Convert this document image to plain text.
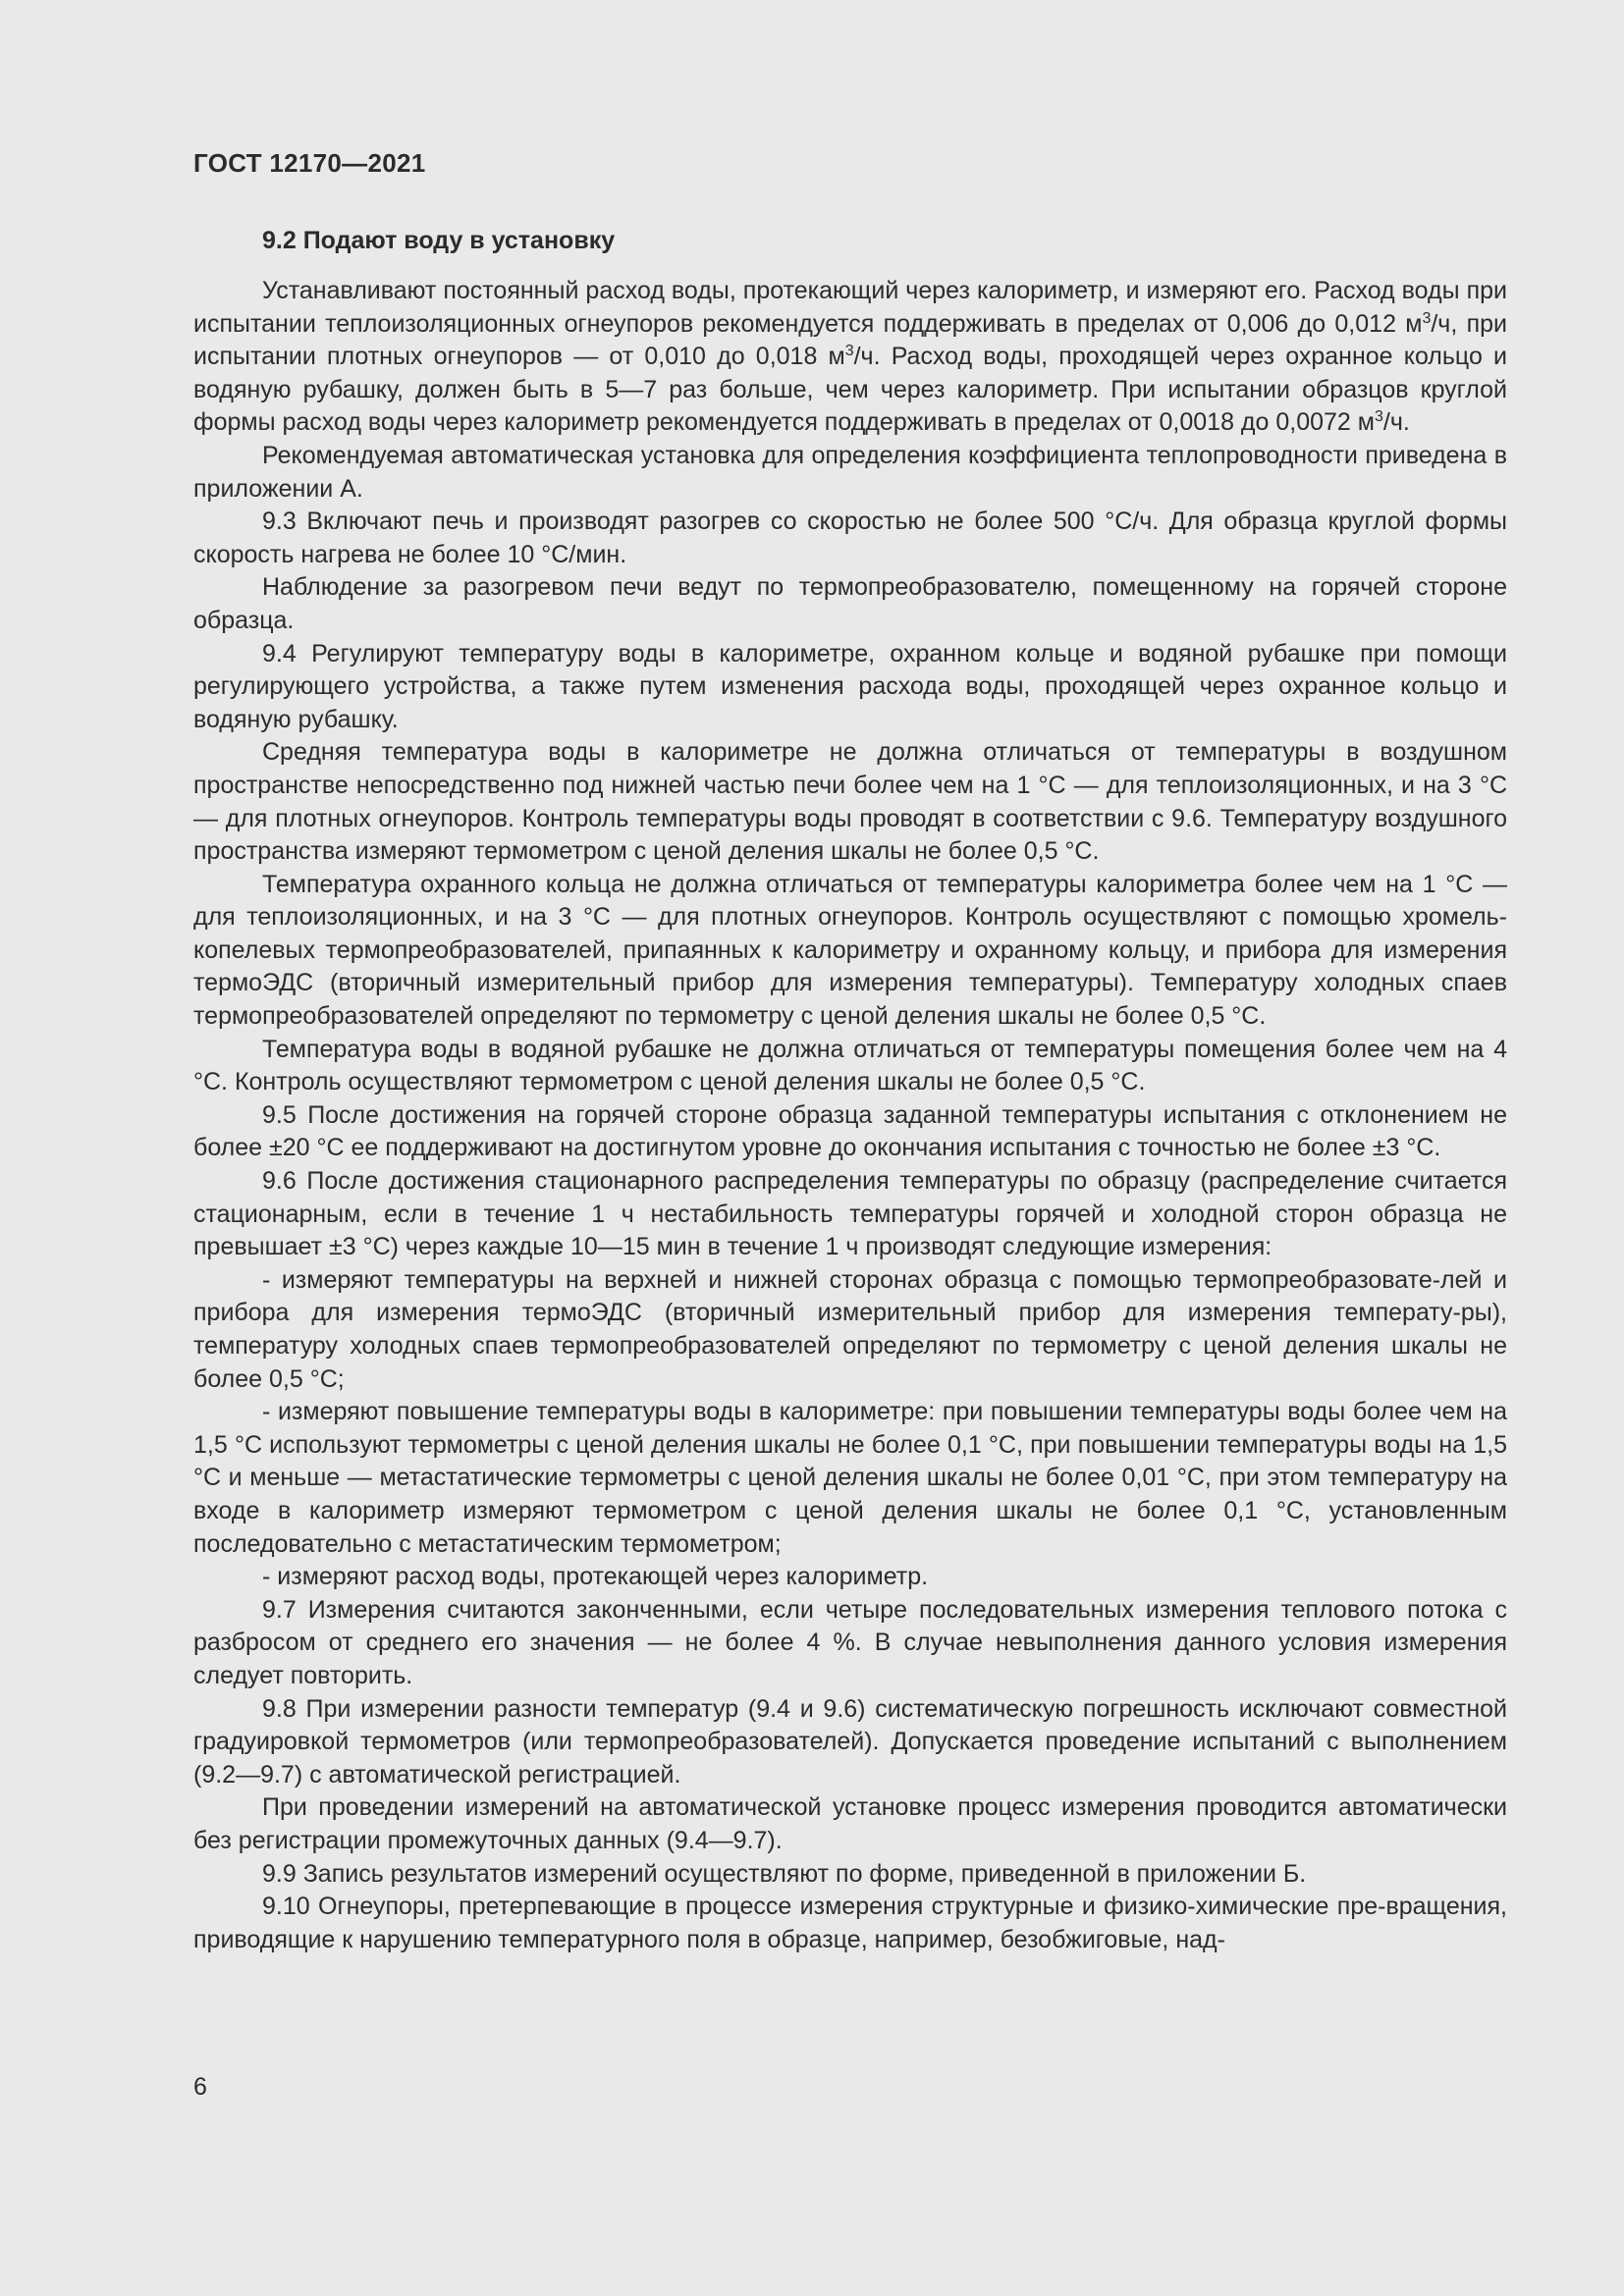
ГОСТ 12170—2021
9.2 Подают воду в установку

Устанавливают постоянный расход воды, протекающий через калориметр, и измеряют его. Расход воды при испытании теплоизоляционных огнеупоров рекомендуется поддерживать в пределах от 0,006 до 0,012 $м^3/ч$, при испытании плотных огнеупоров — от 0,010 до 0,018 $м^3/ч$. Расход воды, проходящей через охранное кольцо и водяную рубашку, должен быть в 5—7 раз больше, чем через калориметр. При испытании образцов круглой формы расход воды через калориметр рекомендуется поддерживать в пределах от 0,0018 до 0,0072 $м^3/ч$.

Рекомендуемая автоматическая установка для определения коэффициента теплопроводности приведена в приложении А.

9.3 Включают печь и производят разогрев со скоростью не более 500 °С/ч. Для образца круглой формы скорость нагрева не более 10 °С/мин.

Наблюдение за разогревом печи ведут по термопреобразователю, помещенному на горячей стороне образца.

9.4 Регулируют температуру воды в калориметре, охранном кольце и водяной рубашке при помощи регулирующего устройства, а также путем изменения расхода воды, проходящей через охранное кольцо и водяную рубашку.

Средняя температура воды в калориметре не должна отличаться от температуры в воздушном пространстве непосредственно под нижней частью печи более чем на 1 °С — для теплоизоляционных, и на 3 °С — для плотных огнеупоров. Контроль температуры воды проводят в соответствии с 9.6. Температуру воздушного пространства измеряют термометром с ценой деления шкалы не более 0,5 °С.

Температура охранного кольца не должна отличаться от температуры калориметра более чем на 1 °С — для теплоизоляционных, и на 3 °С — для плотных огнеупоров. Контроль осуществляют с помощью хромель-копелевых термопреобразователей, припаянных к калориметру и охранному кольцу, и прибора для измерения термоЭДС (вторичный измерительный прибор для измерения температуры). Температуру холодных спаев термопреобразователей определяют по термометру с ценой деления шкалы не более 0,5 °С.

Температура воды в водяной рубашке не должна отличаться от температуры помещения более чем на 4 °С. Контроль осуществляют термометром с ценой деления шкалы не более 0,5 °С.

9.5 После достижения на горячей стороне образца заданной температуры испытания с отклонением не более ±20 °С ее поддерживают на достигнутом уровне до окончания испытания с точностью не более ±3 °С.

9.6 После достижения стационарного распределения температуры по образцу (распределение считается стационарным, если в течение 1 ч нестабильность температуры горячей и холодной сторон образца не превышает ±3 °С) через каждые 10—15 мин в течение 1 ч производят следующие измерения:

- измеряют температуры на верхней и нижней сторонах образца с помощью термопреобразовате-лей и прибора для измерения термоЭДС (вторичный измерительный прибор для измерения температу-ры), температуру холодных спаев термопреобразователей определяют по термометру с ценой деления шкалы не более 0,5 °С;

- измеряют повышение температуры воды в калориметре: при повышении температуры воды более чем на 1,5 °С используют термометры с ценой деления шкалы не более 0,1 °С, при повышении температуры воды на 1,5 °С и меньше — метастатические термометры с ценой деления шкалы не более 0,01 °С, при этом температуру на входе в калориметр измеряют термометром с ценой деления шкалы не более 0,1 °С, установленным последовательно с метастатическим термометром;

- измеряют расход воды, протекающей через калориметр.

9.7 Измерения считаются законченными, если четыре последовательных измерения теплового потока с разбросом от среднего его значения — не более 4 %. В случае невыполнения данного условия измерения следует повторить.

9.8 При измерении разности температур (9.4 и 9.6) систематическую погрешность исключают совместной градуировкой термометров (или термопреобразователей). Допускается проведение испытаний с выполнением (9.2—9.7) с автоматической регистрацией.

При проведении измерений на автоматической установке процесс измерения проводится автоматически без регистрации промежуточных данных (9.4—9.7).

9.9 Запись результатов измерений осуществляют по форме, приведенной в приложении Б.

9.10 Огнеупоры, претерпевающие в процессе измерения структурные и физико-химические пре-вращения, приводящие к нарушению температурного поля в образце, например, безобжиговые, над-

6
